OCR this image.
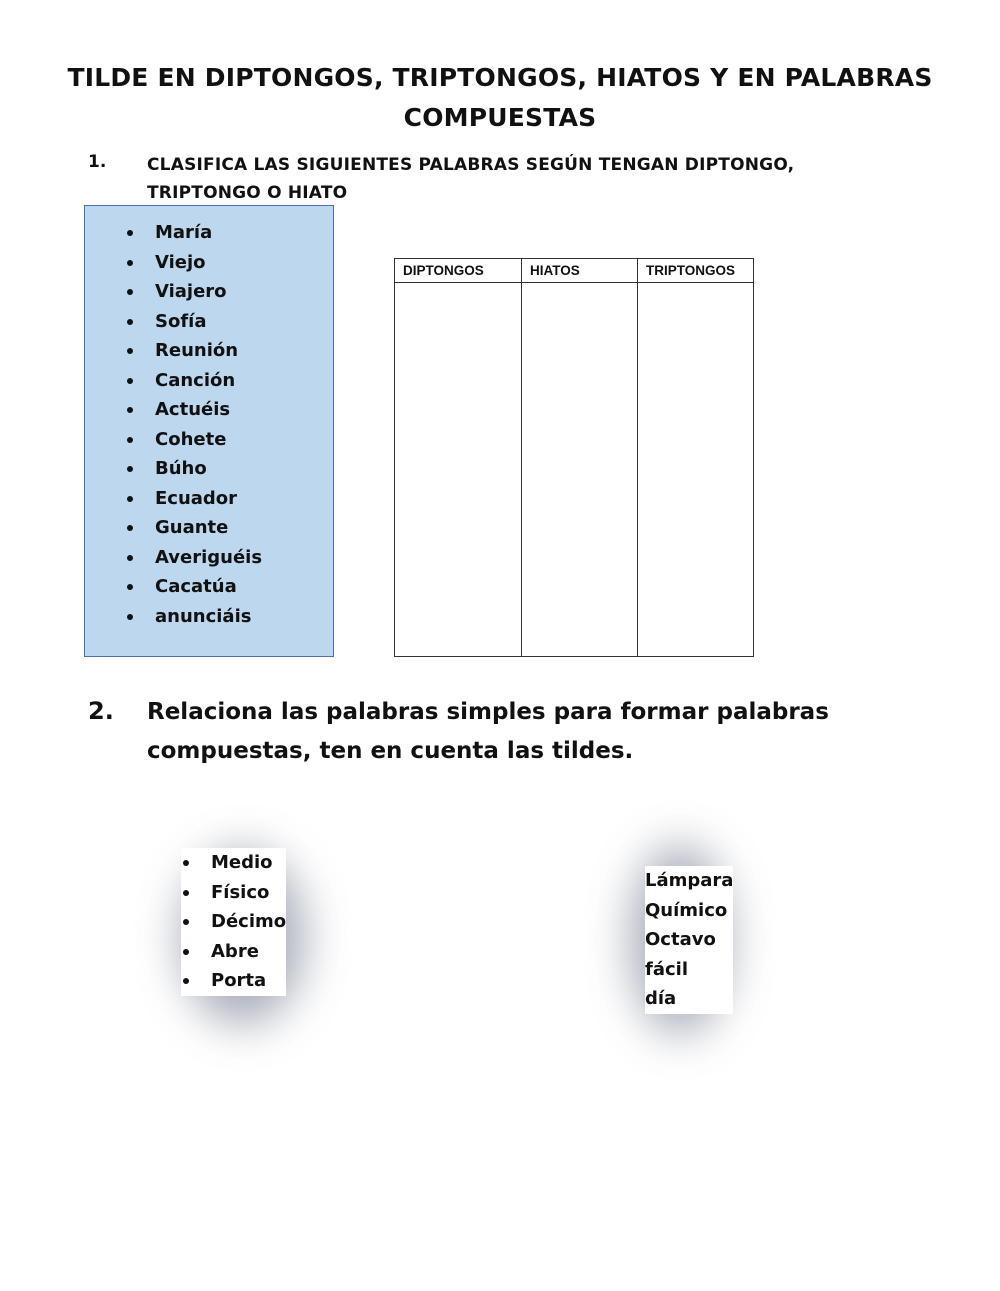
TILDE EN DIPTONGOS, TRIPTONGOS, HIATOS Y EN PALABRAS COMPUESTAS
1. CLASIFICA LAS SIGUIENTES PALABRAS SEGÚN TENGAN DIPTONGO, TRIPTONGO O HIATO
María
Viejo
Viajero
Sofía
Reunión
Canción
Actuéis
Cohete
Búho
Ecuador
Guante
Averiguéis
Cacatúa
anunciáis
DIPTONGOS	HIATOS	TRIPTONGOS

2. Relaciona las palabras simples para formar palabras compuestas, ten en cuenta las tildes.
Medio
Físico
Décimo
Abre
Porta
Lámpara
Químico
Octavo
fácil
día
